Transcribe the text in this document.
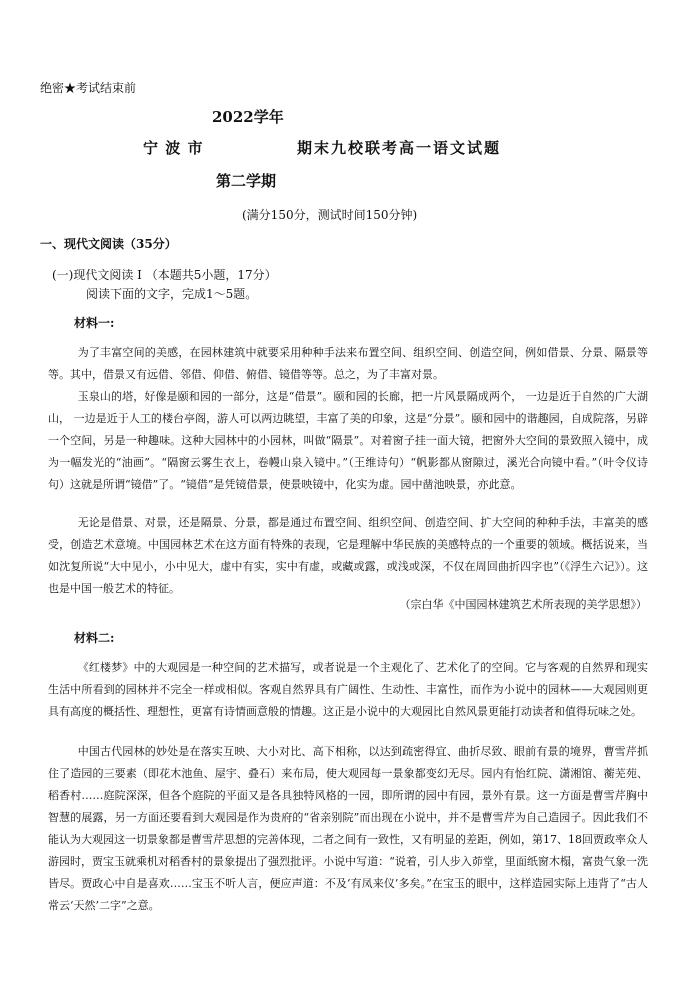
绝密★考试结束前
2022学年
宁 波 市	期末九校联考高一语文试题
第二学期
(满分150分，测试时间150分钟)
一、现代文阅读（35分）
(一)现代文阅读 I （本题共5小题，17分）
阅读下面的文字，完成1～5题。
材料一:
为了丰富空间的美感，在园林建筑中就要采用种种手法来布置空间、组织空间、创造空间，例如借景、分景、隔景等等。其中，借景又有远借、邻借、仰借、俯借、镜借等等。总之，为了丰富对景。
玉泉山的塔，好像是颐和园的一部分，这是“借景”。颐和园的长廊，把一片风景隔成两个， 一边是近于自然的广大湖山， 一边是近于人工的楼台亭阁，游人可以两边眺望，丰富了美的印象，这是“分景”。颐和园中的谐趣园，自成院落，另辟一个空间，另是一种趣味。这种大园林中的小园林，叫做“隔景”。对着窗子挂一面大镜，把窗外大空间的景致照入镜中，成为一幅发光的“油画”。“隔窗云雾生衣上，卷幔山泉入镜中。”（王维诗句）“帆影都从窗隙过，溪光合向镜中看。”（叶令仪诗句）这就是所谓“镜借”了。“镜借”是凭镜借景，使景映镜中，化实为虚。园中凿池映景，亦此意。
无论是借景、对景，还是隔景、分景，都是通过布置空间、组织空间、创造空间、扩大空间的种种手法，丰富美的感受，创造艺术意境。中国园林艺术在这方面有特殊的表现，它是理解中华民族的美感特点的一个重要的领域。概括说来，当如沈复所说“大中见小，小中见大，虚中有实，实中有虚，或藏或露，或浅或深，不仅在周回曲折四字也”（《浮生六记》）。这也是中国一般艺术的特征。
（宗白华《中国园林建筑艺术所表现的美学思想》）
材料二:
《红楼梦》中的大观园是一种空间的艺术描写，或者说是一个主观化了、艺术化了的空间。它与客观的自然界和现实生活中所看到的园林并不完全一样或相似。客观自然界具有广阔性、生动性、丰富性，而作为小说中的园林——大观园则更具有高度的概括性、理想性，更富有诗情画意般的情趣。这正是小说中的大观园比自然风景更能打动读者和值得玩味之处。
中国古代园林的妙处是在落实互映、大小对比、高下相称，以达到疏密得宜、曲折尽致、眼前有景的境界，曹雪芹抓住了造园的三要素（即花木池鱼、屋宇、叠石）来布局，使大观园每一景象都变幻无尽。园内有怡红院、潇湘馆、蘅芜苑、稻香村……庭院深深，但各个庭院的平面又是各具独特风格的一园，即所谓的园中有园，景外有景。这一方面是曹雪芹胸中智慧的展露，另一方面还要看到大观园是作为贵府的“省亲别院”而出现在小说中，并不是曹雪芹为自己造园子。因此我们不能认为大观园这一切景象都是曹雪芹思想的完善体现，二者之间有一致性，又有明显的差距，例如，第17、18回贾政率众人游园时，贾宝玉就乘机对稻香村的景象提出了强烈批评。小说中写道：“说着，引人步入茆堂，里面纸窗木榻，富贵气象一洗皆尽。贾政心中自是喜欢……宝玉不听人言，便应声道：不及‘有凤来仪’多矣。”在宝玉的眼中，这样造园实际上违背了“古人常云‘天然’二字”之意。
